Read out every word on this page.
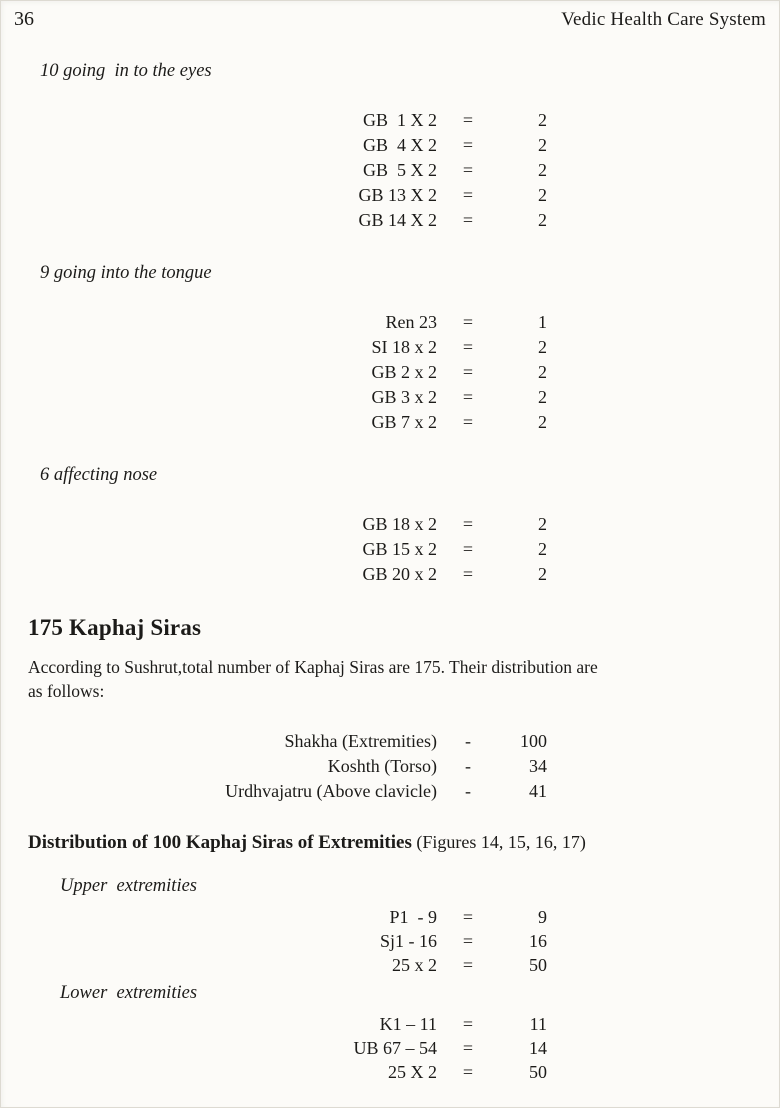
36	Vedic Health Care System
10 going  in to the eyes
GB  1 X 2	=	2
GB  4 X 2	=	2
GB  5 X 2	=	2
GB 13 X 2	=	2
GB 14 X 2	=	2
9 going into the tongue
Ren 23	=	1
SI 18 x 2	=	2
GB 2 x 2	=	2
GB 3 x 2	=	2
GB 7 x 2	=	2
6 affecting nose
GB 18 x 2	=	2
GB 15 x 2	=	2
GB 20 x 2	=	2
175 Kaphaj Siras
According to Sushrut,total number of Kaphaj Siras are 175. Their distribution are
as follows:
Shakha (Extremities)	-	100
Koshth (Torso)	-	34
Urdhvajatru (Above clavicle)	-	41
Distribution of 100 Kaphaj Siras of Extremities (Figures 14, 15, 16, 17)
Upper  extremities
P1  - 9	=	9
Sj1 - 16	=	16
25 x 2	=	50
Lower  extremities
K1 – 11	=	11
UB 67 – 54	=	14
25 X 2	=	50
